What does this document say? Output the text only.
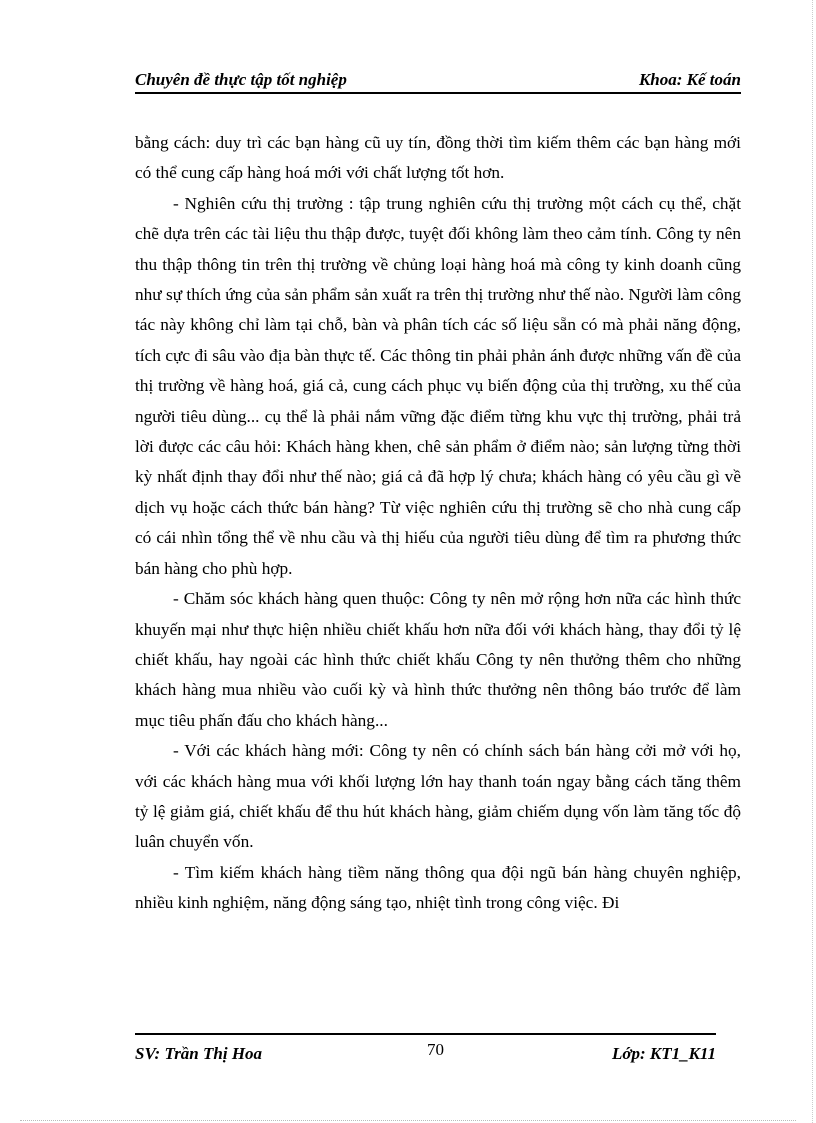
Chuyên đề thực tập tốt nghiệp	Khoa: Kế toán

bằng cách: duy trì các bạn hàng cũ uy tín, đồng thời tìm kiếm thêm các bạn hàng mới có thể cung cấp hàng hoá mới với chất lượng tốt hơn.

- Nghiên cứu thị trường : tập trung nghiên cứu thị trường một cách cụ thể, chặt chẽ dựa trên các tài liệu thu thập được, tuyệt đối không làm theo cảm tính. Công ty nên thu thập thông tin trên thị trường về chủng loại hàng hoá mà công ty kinh doanh cũng như sự thích ứng của sản phẩm sản xuất ra trên thị trường như thế nào. Người làm công tác này không chỉ làm tại chỗ, bàn và phân tích các số liệu sẵn có mà phải năng động, tích cực đi sâu vào địa bàn thực tế. Các thông tin phải phản ánh được những vấn đề của thị trường về hàng hoá, giá cả, cung cách phục vụ biến động của thị trường, xu thế của người tiêu dùng... cụ thể là phải nắm vững đặc điểm từng khu vực thị trường, phải trả lời được các câu hỏi: Khách hàng khen, chê sản phẩm ở điểm nào; sản lượng từng thời kỳ nhất định thay đổi như thế nào; giá cả đã hợp lý chưa; khách hàng có yêu cầu gì về dịch vụ hoặc cách thức bán hàng? Từ việc nghiên cứu thị trường sẽ cho nhà cung cấp có cái nhìn tổng thể về nhu cầu và thị hiếu của người tiêu dùng để tìm ra phương thức bán hàng cho phù hợp.

- Chăm sóc khách hàng quen thuộc: Công ty nên mở rộng hơn nữa các hình thức khuyến mại như thực hiện nhiều chiết khấu hơn nữa đối với khách hàng, thay đổi tỷ lệ chiết khấu, hay ngoài các hình thức chiết khấu Công ty nên thưởng thêm cho những khách hàng mua nhiều vào cuối kỳ và hình thức thưởng nên thông báo trước để làm mục tiêu phấn đấu cho khách hàng...

- Với các khách hàng mới: Công ty nên có chính sách bán hàng cởi mở với họ, với các khách hàng mua với khối lượng lớn hay thanh toán ngay bằng cách tăng thêm tỷ lệ giảm giá, chiết khấu để thu hút khách hàng, giảm chiếm dụng vốn làm tăng tốc độ luân chuyển vốn.

- Tìm kiếm khách hàng tiềm năng thông qua đội ngũ bán hàng chuyên nghiệp, nhiều kinh nghiệm, năng động sáng tạo, nhiệt tình trong công việc. Đi

SV: Trần Thị Hoa	70	Lớp: KT1_K11
